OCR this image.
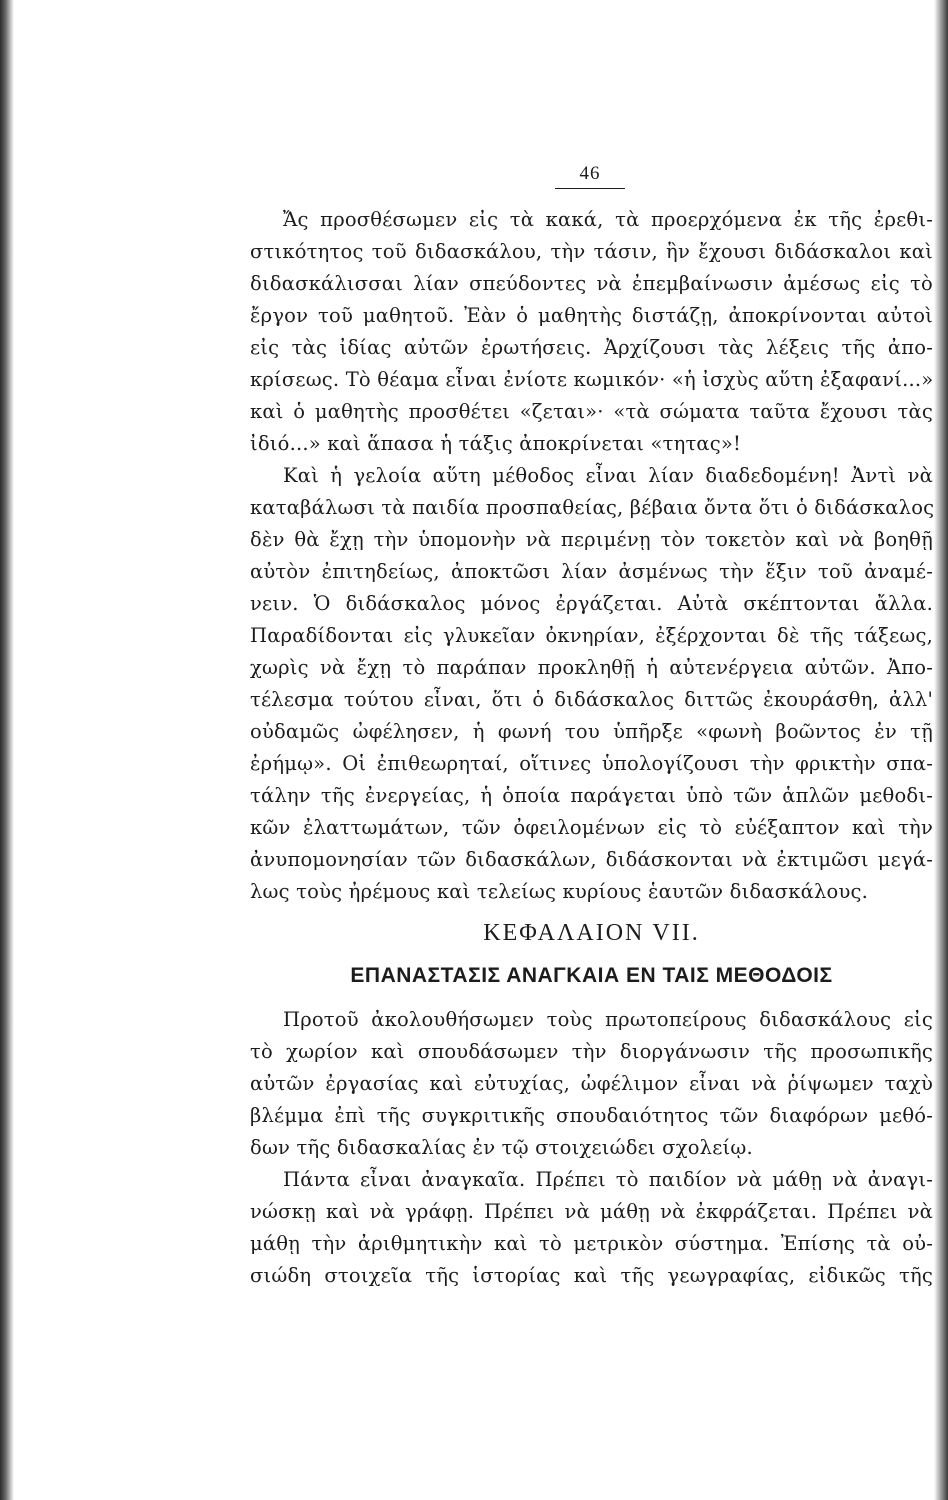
46
Ἄς προσθέσωμεν εἰς τὰ κακά, τὰ προερχόμενα ἐκ τῆς ἐρεθι-
στικότητος τοῦ διδασκάλου, τὴν τάσιν, ἣν ἔχουσι διδάσκαλοι καὶ
διδασκάλισσαι λίαν σπεύδοντες νὰ ἐπεμβαίνωσιν ἀμέσως εἰς τὸ
ἔργον τοῦ μαθητοῦ. Ἐὰν ὁ μαθητὴς διστάζῃ, ἀποκρίνονται αὐτοὶ
εἰς τὰς ἰδίας αὐτῶν ἐρωτήσεις. Ἀρχίζουσι τὰς λέξεις τῆς ἀπο-
κρίσεως. Τὸ θέαμα εἶναι ἐνίοτε κωμικόν· «ἡ ἰσχὺς αὕτη ἐξαφανί...»
καὶ ὁ μαθητὴς προσθέτει «ζεται»· «τὰ σώματα ταῦτα ἔχουσι τὰς
ἰδιό...» καὶ ἅπασα ἡ τάξις ἀποκρίνεται «τητας»!
Καὶ ἡ γελοία αὕτη μέθοδος εἶναι λίαν διαδεδομένη! Ἀντὶ νὰ
καταβάλωσι τὰ παιδία προσπαθείας, βέβαια ὄντα ὅτι ὁ διδάσκαλος
δὲν θὰ ἔχῃ τὴν ὑπομονὴν νὰ περιμένῃ τὸν τοκετὸν καὶ νὰ βοηθῇ
αὐτὸν ἐπιτηδείως, ἀποκτῶσι λίαν ἀσμένως τὴν ἕξιν τοῦ ἀναμέ-
νειν. Ὁ διδάσκαλος μόνος ἐργάζεται. Αὐτὰ σκέπτονται ἄλλα.
Παραδίδονται εἰς γλυκεῖαν ὀκνηρίαν, ἐξέρχονται δὲ τῆς τάξεως,
χωρὶς νὰ ἔχῃ τὸ παράπαν προκληθῇ ἡ αὐτενέργεια αὐτῶν. Ἀπο-
τέλεσμα τούτου εἶναι, ὅτι ὁ διδάσκαλος διττῶς ἐκουράσθη, ἀλλ'
οὐδαμῶς ὠφέλησεν, ἡ φωνή του ὑπῆρξε «φωνὴ βοῶντος ἐν τῇ
ἐρήμῳ». Οἱ ἐπιθεωρηταί, οἵτινες ὑπολογίζουσι τὴν φρικτὴν σπα-
τάλην τῆς ἐνεργείας, ἡ ὁποία παράγεται ὑπὸ τῶν ἁπλῶν μεθοδι-
κῶν ἐλαττωμάτων, τῶν ὀφειλομένων εἰς τὸ εὐέξαπτον καὶ τὴν
ἀνυπομονησίαν τῶν διδασκάλων, διδάσκονται νὰ ἐκτιμῶσι μεγά-
λως τοὺς ἠρέμους καὶ τελείως κυρίους ἑαυτῶν διδασκάλους.
ΚΕΦΑΛΑΙΟΝ VII.
ΕΠΑΝΑΣΤΑΣΙΣ ΑΝΑΓΚΑΙΑ ΕΝ ΤΑΙΣ ΜΕΘΟΔΟΙΣ
Προτοῦ ἀκολουθήσωμεν τοὺς πρωτοπείρους διδασκάλους εἰς
τὸ χωρίον καὶ σπουδάσωμεν τὴν διοργάνωσιν τῆς προσωπικῆς
αὐτῶν ἐργασίας καὶ εὐτυχίας, ὠφέλιμον εἶναι νὰ ῥίψωμεν ταχὺ
βλέμμα ἐπὶ τῆς συγκριτικῆς σπουδαιότητος τῶν διαφόρων μεθό-
δων τῆς διδασκαλίας ἐν τῷ στοιχειώδει σχολείῳ.
Πάντα εἶναι ἀναγκαῖα. Πρέπει τὸ παιδίον νὰ μάθῃ νὰ ἀναγι-
νώσκῃ καὶ νὰ γράφῃ. Πρέπει νὰ μάθῃ νὰ ἐκφράζεται. Πρέπει νὰ
μάθῃ τὴν ἀριθμητικὴν καὶ τὸ μετρικὸν σύστημα. Ἐπίσης τὰ οὐ-
σιώδη στοιχεῖα τῆς ἱστορίας καὶ τῆς γεωγραφίας, εἰδικῶς τῆς
